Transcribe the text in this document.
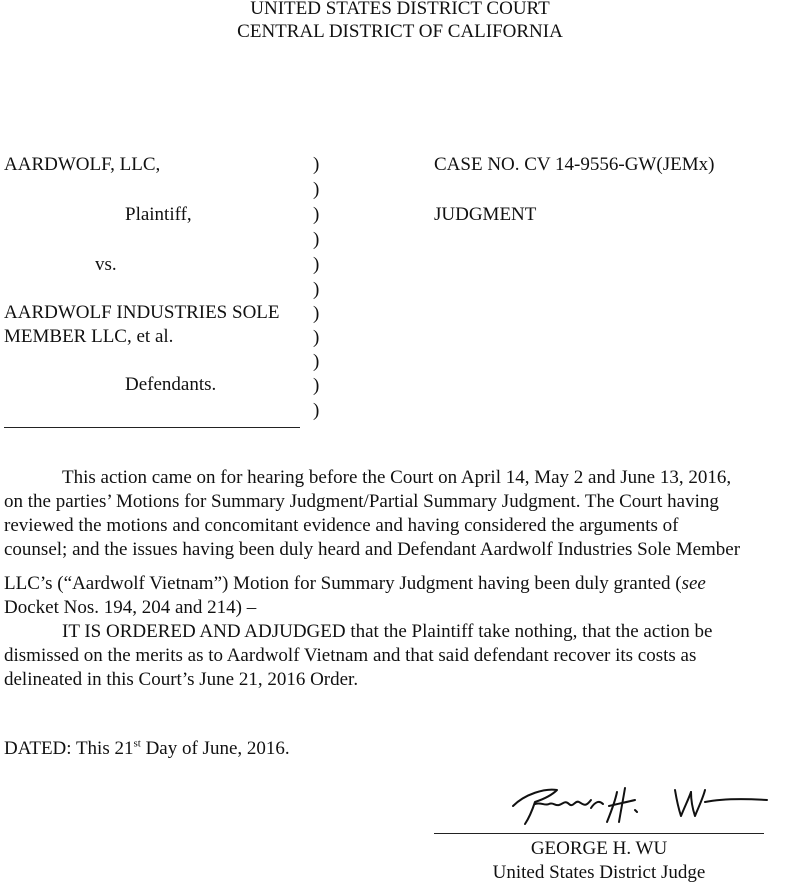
UNITED STATES DISTRICT COURT
CENTRAL DISTRICT OF CALIFORNIA
AARDWOLF, LLC,
Plaintiff,
vs.
AARDWOLF INDUSTRIES SOLE
MEMBER LLC, et al.
Defendants.
)
)
)
)
)
)
)
)
)
)
)
CASE NO. CV 14-9556-GW(JEMx)
JUDGMENT
This action came on for hearing before the Court on April 14, May 2 and June 13, 2016,
on the parties’ Motions for Summary Judgment/Partial Summary Judgment. The Court having
reviewed the motions and concomitant evidence and having considered the arguments of
counsel; and the issues having been duly heard and Defendant Aardwolf Industries Sole Member
LLC’s (“Aardwolf Vietnam”) Motion for Summary Judgment having been duly granted (see
Docket Nos. 194, 204 and 214) –
IT IS ORDERED AND ADJUDGED that the Plaintiff take nothing, that the action be
dismissed on the merits as to Aardwolf Vietnam and that said defendant recover its costs as
delineated in this Court’s June 21, 2016 Order.
DATED: This 21st Day of June, 2016.
GEORGE H. WU
United States District Judge
